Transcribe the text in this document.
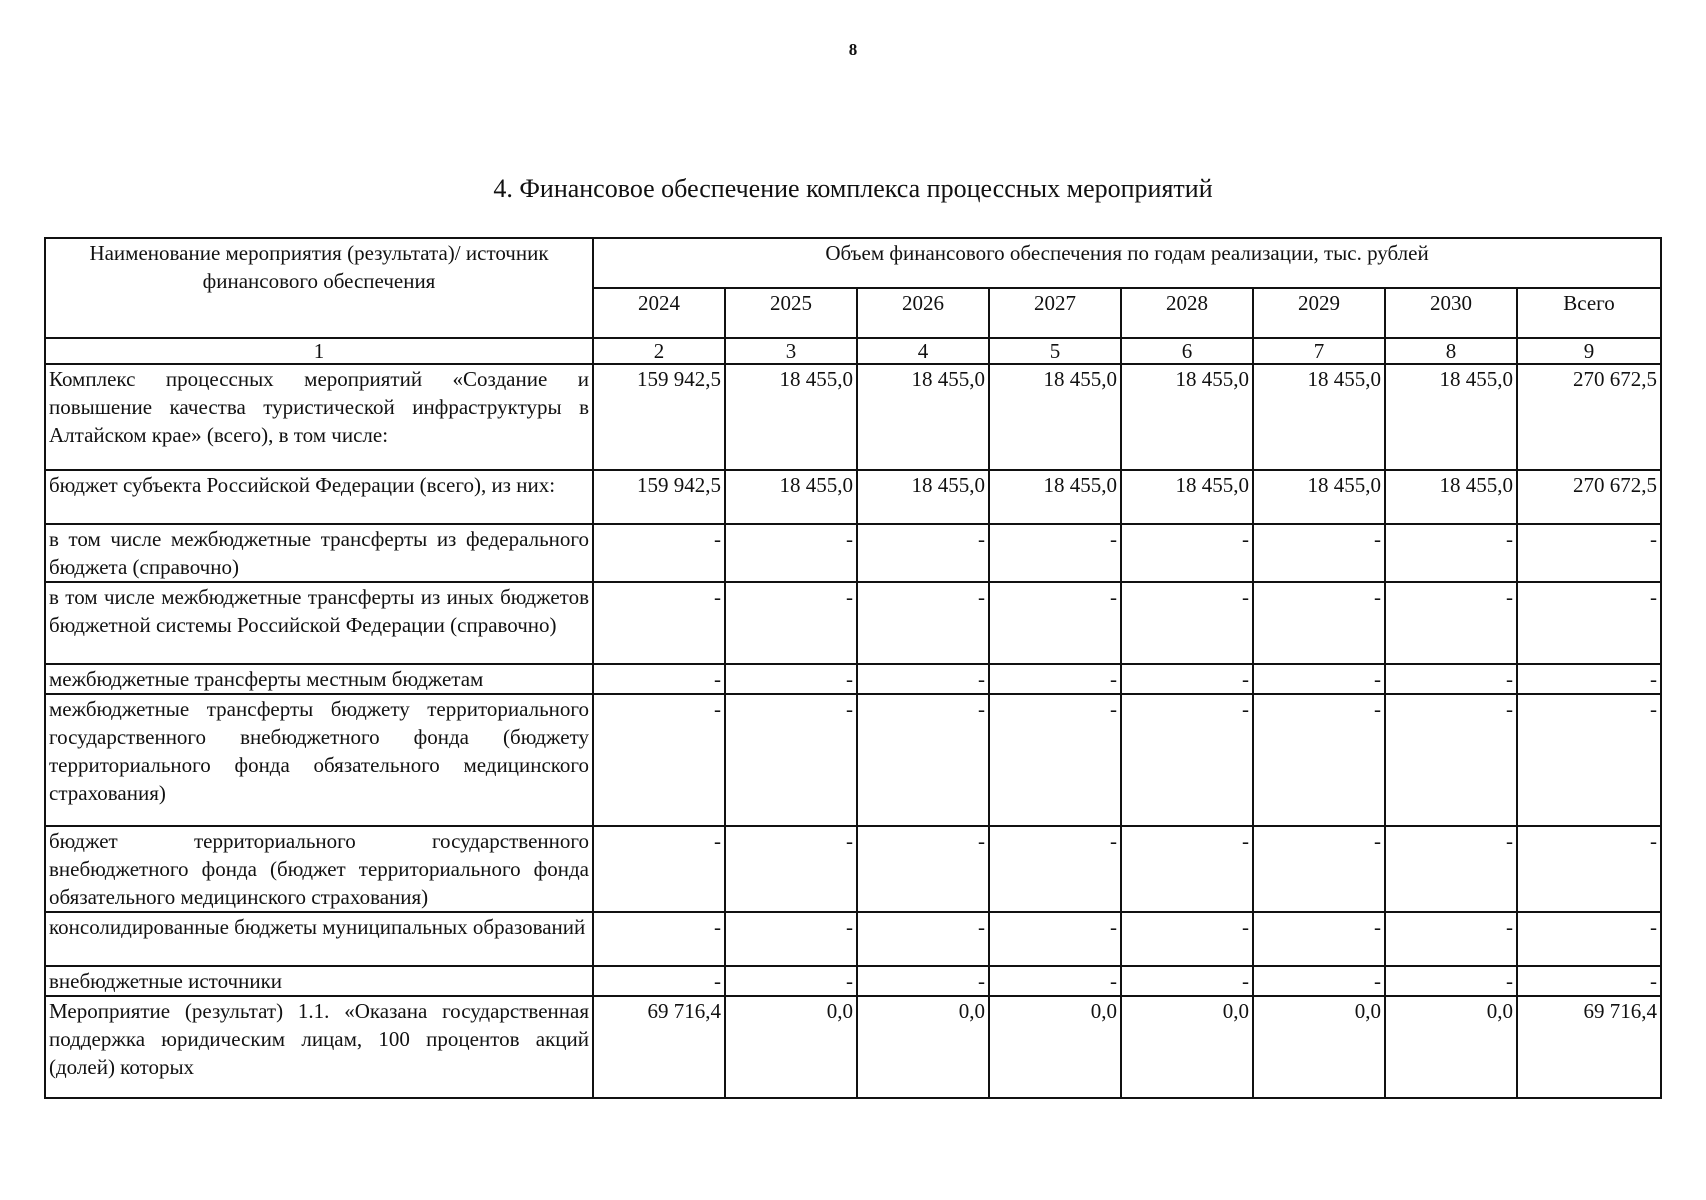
8
4. Финансовое обеспечение комплекса процессных мероприятий
Наименование мероприятия (результата)/ источник финансового обеспечения	Объем финансового обеспечения по годам реализации, тыс. рублей							
	2024	2025	2026	2027	2028	2029	2030	Всего
1	2	3	4	5	6	7	8	9
Комплекс процессных мероприятий «Создание и повышение качества туристической инфраструктуры в Алтайском крае» (всего), в том числе:	159 942,5	18 455,0	18 455,0	18 455,0	18 455,0	18 455,0	18 455,0	270 672,5
бюджет субъекта Российской Федерации (всего), из них:	159 942,5	18 455,0	18 455,0	18 455,0	18 455,0	18 455,0	18 455,0	270 672,5
в том числе межбюджетные трансферты из федерального бюджета (справочно)	-	-	-	-	-	-	-	-
в том числе межбюджетные трансферты из иных бюджетов бюджетной системы Российской Федерации (справочно)	-	-	-	-	-	-	-	-
межбюджетные трансферты местным бюджетам	-	-	-	-	-	-	-	-
межбюджетные трансферты бюджету территориального государственного внебюджетного фонда (бюджету территориального фонда обязательного медицинского страхования)	-	-	-	-	-	-	-	-
бюджет территориального государственного внебюджетного фонда (бюджет территориального фонда обязательного медицинского страхования)	-	-	-	-	-	-	-	-
консолидированные бюджеты муниципальных образований	-	-	-	-	-	-	-	-
внебюджетные источники	-	-	-	-	-	-	-	-
Мероприятие (результат) 1.1. «Оказана государственная поддержка юридическим лицам, 100 процентов акций (долей) которых	69 716,4	0,0	0,0	0,0	0,0	0,0	0,0	69 716,4
